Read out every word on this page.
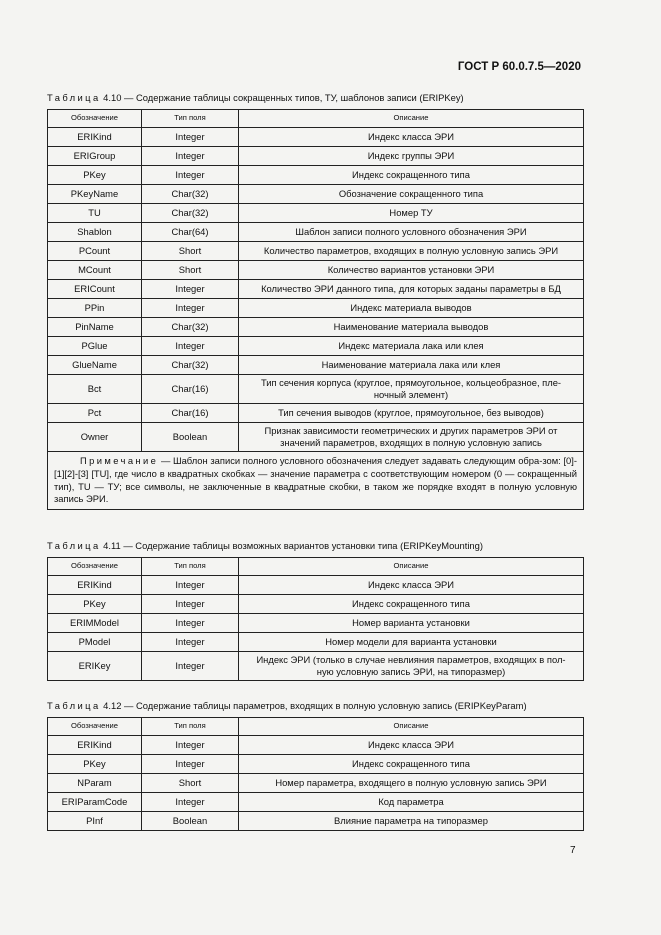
ГОСТ Р 60.0.7.5—2020
Таблица 4.10 — Содержание таблицы сокращенных типов, ТУ, шаблонов записи (ERIPKey)
Обозначение	Тип поля	Описание
ERIKind	Integer	Индекс класса ЭРИ
ERIGroup	Integer	Индекс группы ЭРИ
PKey	Integer	Индекс сокращенного типа
PKeyName	Char(32)	Обозначение сокращенного типа
TU	Char(32)	Номер ТУ
Shablon	Char(64)	Шаблон записи полного условного обозначения ЭРИ
PCount	Short	Количество параметров, входящих в полную условную запись ЭРИ
MCount	Short	Количество вариантов установки ЭРИ
ERICount	Integer	Количество ЭРИ данного типа, для которых заданы параметры в БД
PPin	Integer	Индекс материала выводов
PinName	Char(32)	Наименование материала выводов
PGlue	Integer	Индекс материала лака или клея
GlueName	Char(32)	Наименование материала лака или клея
Bct	Char(16)	Тип сечения корпуса (круглое, прямоугольное, кольцеобразное, пле-
ночный элемент)
Pct	Char(16)	Тип сечения выводов (круглое, прямоугольное, без выводов)
Owner	Boolean	Признак зависимости геометрических и других параметров ЭРИ от
значений параметров, входящих в полную условную запись
Примечание — Шаблон записи полного условного обозначения следует задавать следующим обра-зом: [0]-[1][2]-[3] [TU], где число в квадратных скобках — значение параметра с соответствующим номером (0 — сокращенный тип), TU — ТУ; все символы, не заключенные в квадратные скобки, в таком же порядке входят в полную условную запись ЭРИ.		
Таблица 4.11 — Содержание таблицы возможных вариантов установки типа (ERIPKeyMounting)
Обозначение	Тип поля	Описание
ERIKind	Integer	Индекс класса ЭРИ
PKey	Integer	Индекс сокращенного типа
ERIMModel	Integer	Номер варианта установки
PModel	Integer	Номер модели для варианта установки
ERIKey	Integer	Индекс ЭРИ (только в случае невлияния параметров, входящих в пол-
ную условную запись ЭРИ, на типоразмер)
Таблица 4.12 — Содержание таблицы параметров, входящих в полную условную запись (ERIPKeyParam)
Обозначение	Тип поля	Описание
ERIKind	Integer	Индекс класса ЭРИ
PKey	Integer	Индекс сокращенного типа
NParam	Short	Номер параметра, входящего в полную условную запись ЭРИ
ERIParamCode	Integer	Код параметра
PInf	Boolean	Влияние параметра на типоразмер
7
